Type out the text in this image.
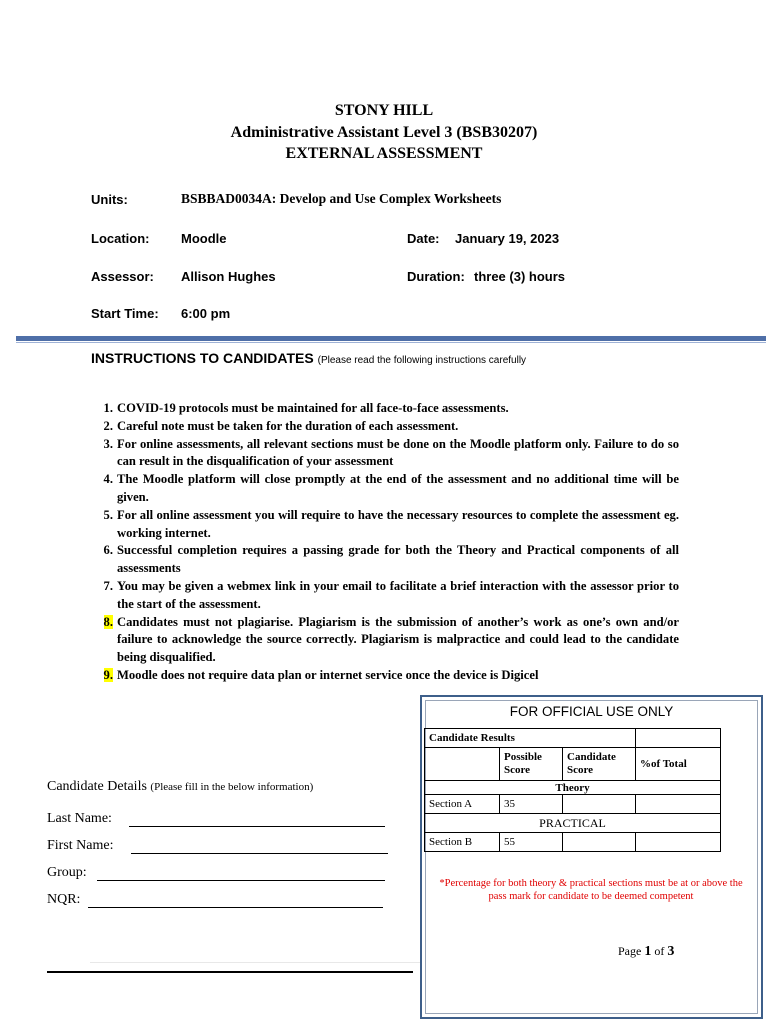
STONY HILL
Administrative Assistant Level 3 (BSB30207)
EXTERNAL ASSESSMENT
Units:	BSBBAD0034A: Develop and Use Complex Worksheets
Location: Moodle	Date: January 19, 2023
Assessor: Allison Hughes	Duration: three (3) hours
Start Time: 6:00 pm
INSTRUCTIONS TO CANDIDATES (Please read the following instructions carefully
1. COVID-19 protocols must be maintained for all face-to-face assessments.
2. Careful note must be taken for the duration of each assessment.
3. For online assessments, all relevant sections must be done on the Moodle platform only. Failure to do so can result in the disqualification of your assessment
4. The Moodle platform will close promptly at the end of the assessment and no additional time will be given.
5. For all online assessment you will require to have the necessary resources to complete the assessment eg. working internet.
6. Successful completion requires a passing grade for both the Theory and Practical components of all assessments
7. You may be given a webmex link in your email to facilitate a brief interaction with the assessor prior to the start of the assessment.
8. Candidates must not plagiarise. Plagiarism is the submission of another’s work as one’s own and/or failure to acknowledge the source correctly. Plagiarism is malpractice and could lead to the candidate being disqualified.
9. Moodle does not require data plan or internet service once the device is Digicel
Candidate Details (Please fill in the below information)
Last Name:
First Name:
Group:
NQR:
FOR OFFICIAL USE ONLY
Candidate Results			
	Possible Score	Candidate Score	%of Total
Theory			
Section A	35		
PRACTICAL			
Section B	55		
*Percentage for both theory & practical sections must be at or above the pass mark for candidate to be deemed competent
Page 1 of 3
